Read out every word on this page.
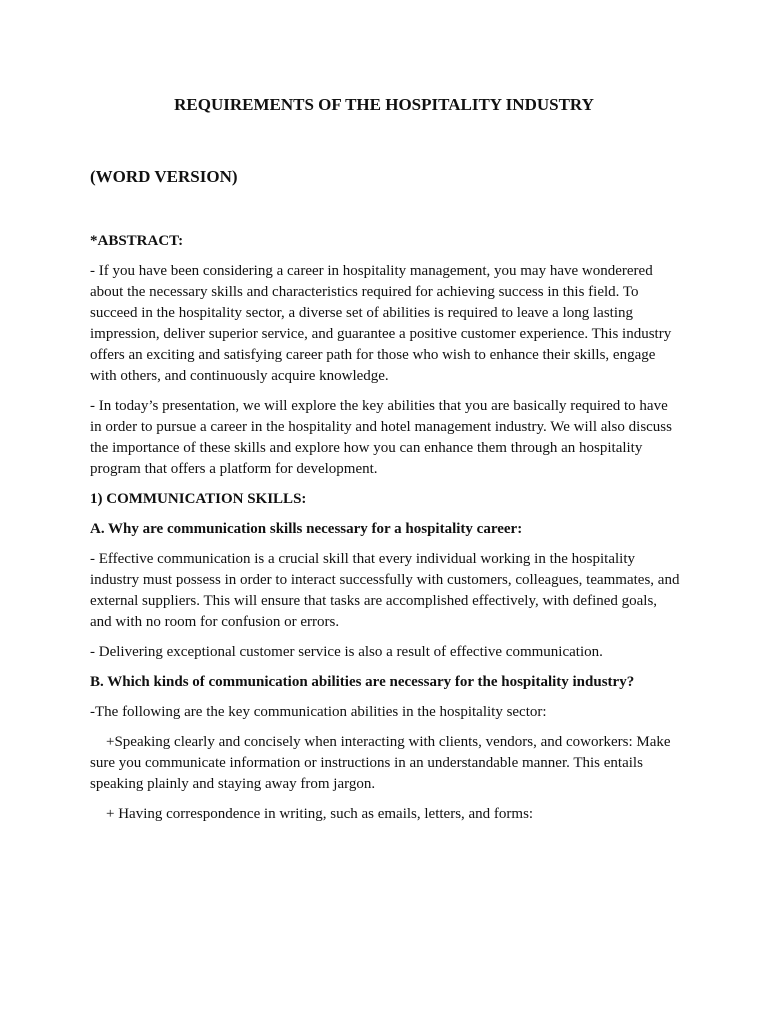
REQUIREMENTS OF THE HOSPITALITY INDUSTRY
(WORD VERSION)

*ABSTRACT:

- If you have been considering a career in hospitality management, you may have wonderered about the necessary skills and characteristics required for achieving success in this field. To succeed in the hospitality sector, a diverse set of abilities is required to leave a long lasting impression, deliver superior service, and guarantee a positive customer experience. This industry offers an exciting and satisfying career path for those who wish to enhance their skills, engage with others, and continuously acquire knowledge.

- In today’s presentation, we will explore the key abilities that you are basically required to have in order to pursue a career in the hospitality and hotel management industry. We will also discuss the importance of these skills and explore how you can enhance them through an hospitality program that offers a platform for development.

1) COMMUNICATION SKILLS:

A. Why are communication skills necessary for a hospitality career:

- Effective communication is a crucial skill that every individual working in the hospitality industry must possess in order to interact successfully with customers, colleagues, teammates, and external suppliers. This will ensure that tasks are accomplished effectively, with defined goals, and with no room for confusion or errors.

- Delivering exceptional customer service is also a result of effective communication.

B. Which kinds of communication abilities are necessary for the hospitality industry?

-The following are the key communication abilities in the hospitality sector:

+Speaking clearly and concisely when interacting with clients, vendors, and coworkers: Make sure you communicate information or instructions in an understandable manner. This entails speaking plainly and staying away from jargon.

+ Having correspondence in writing, such as emails, letters, and forms:
